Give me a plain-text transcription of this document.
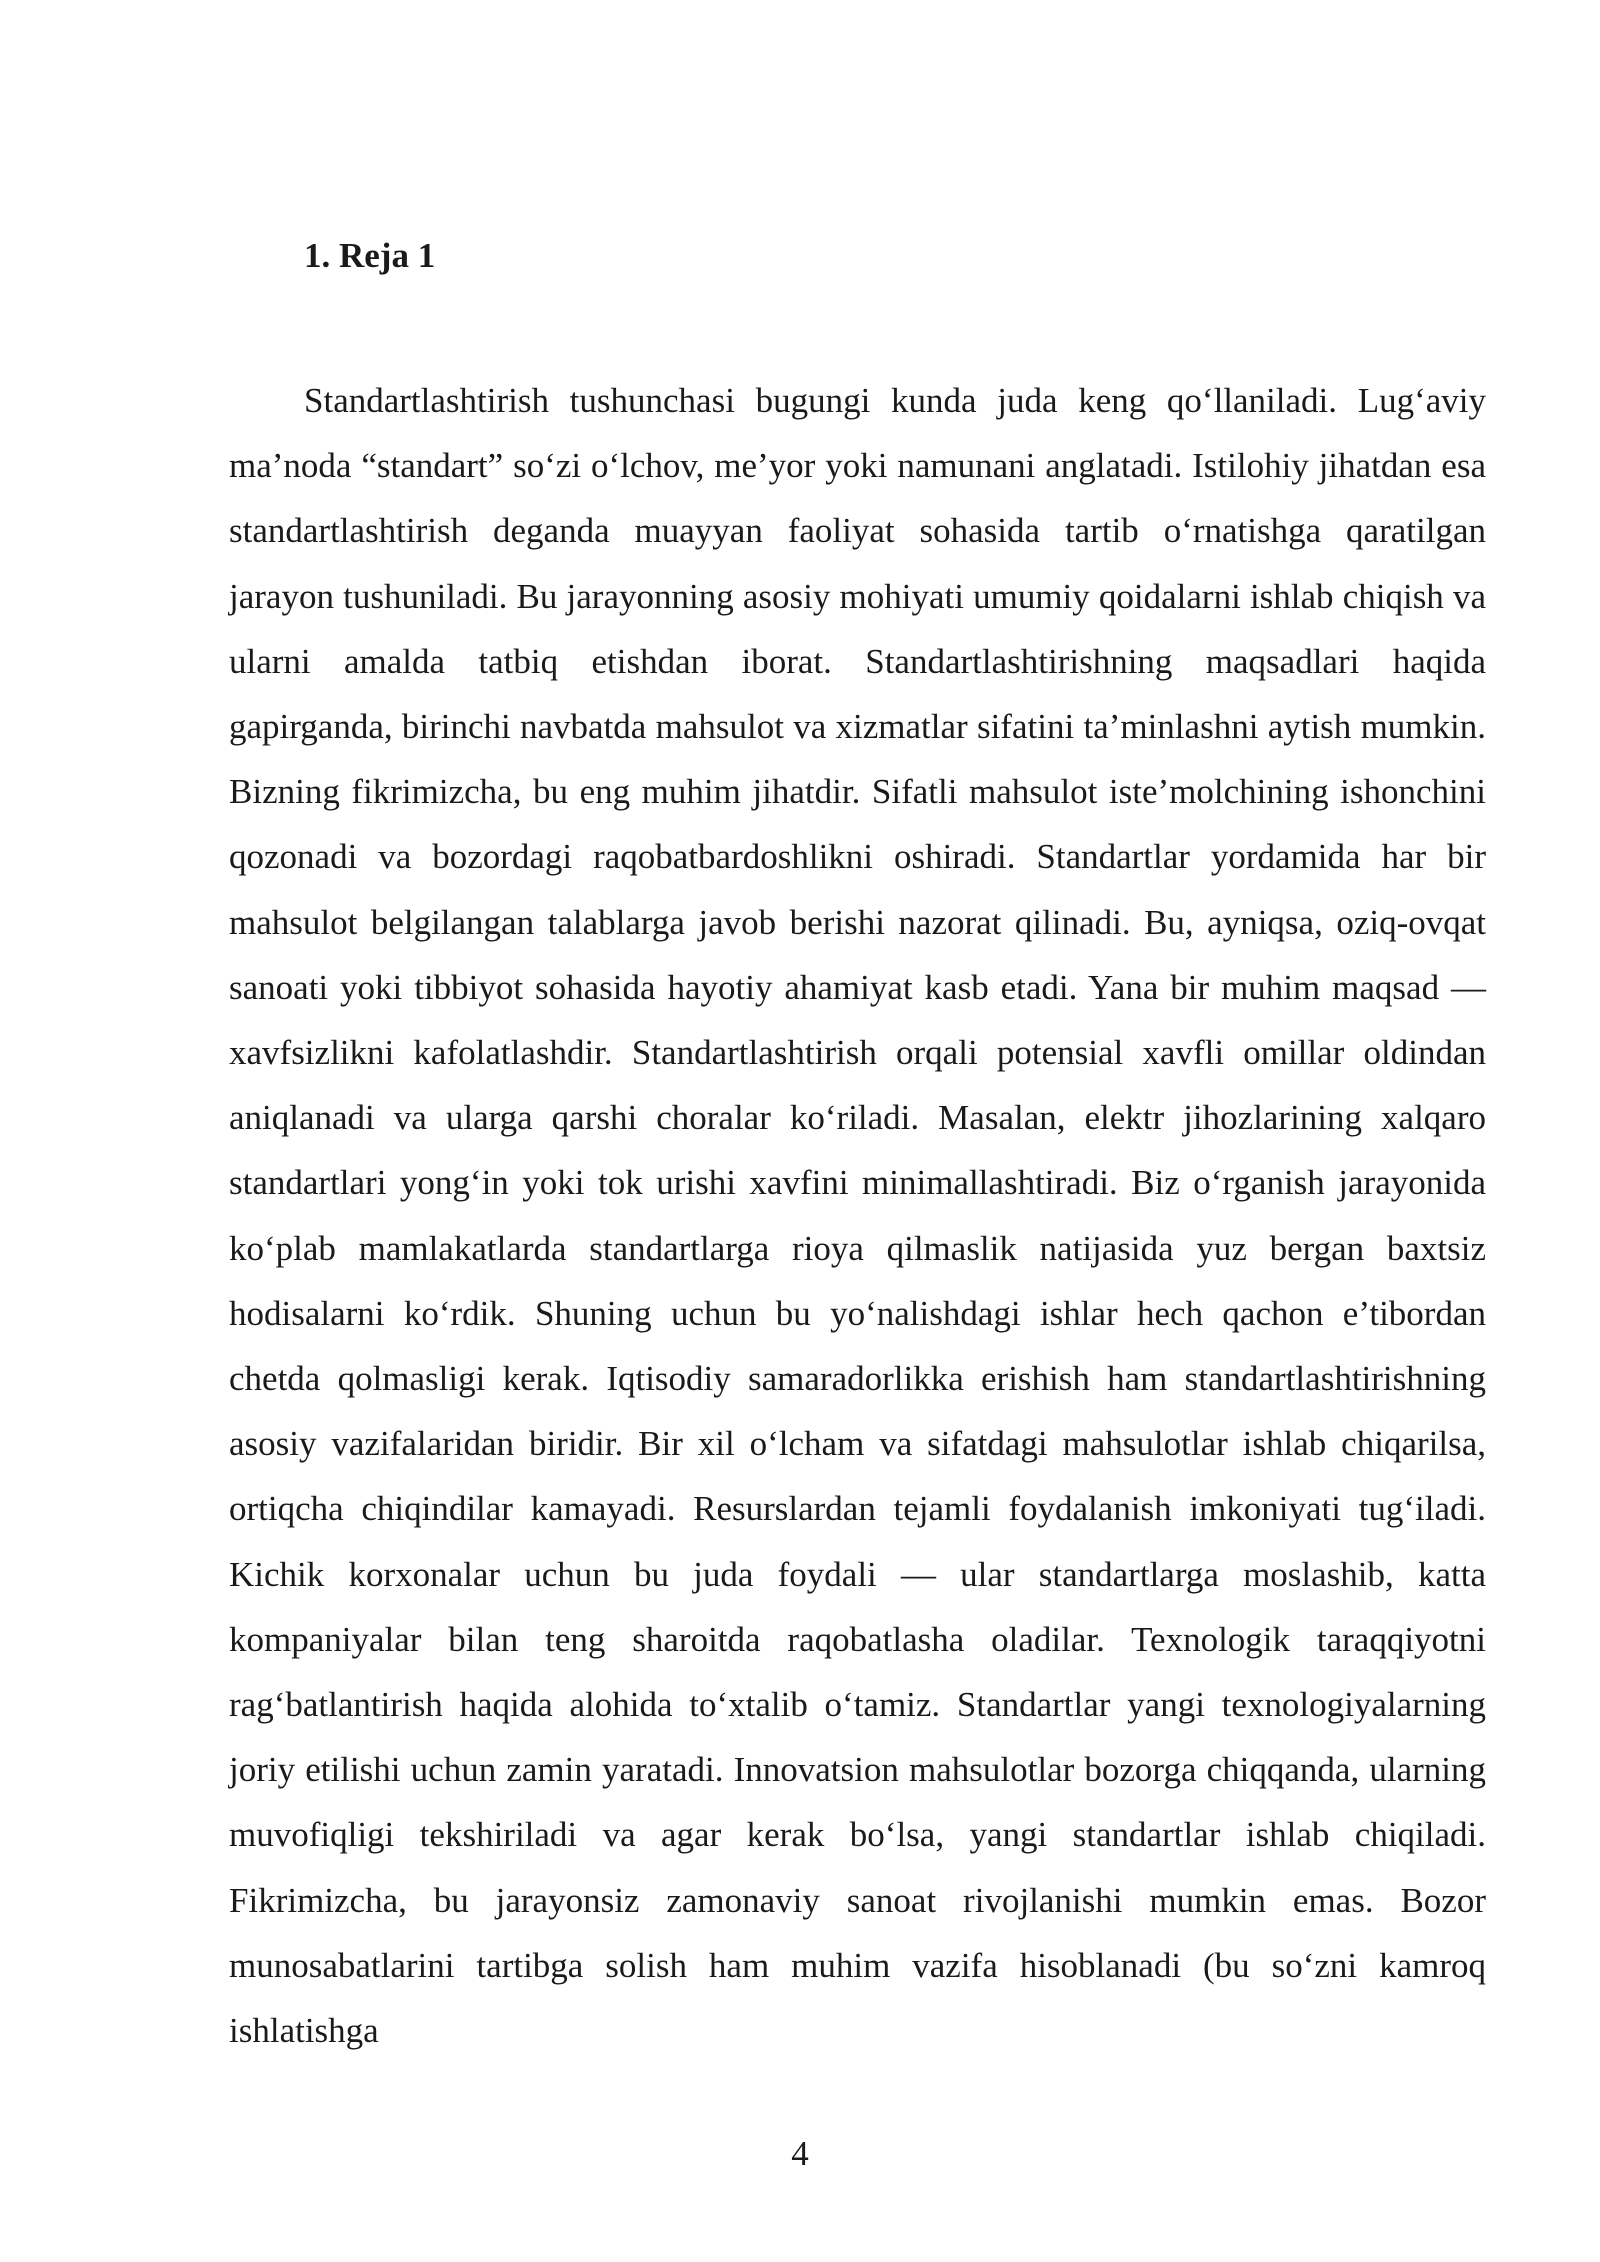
1. Reja 1

Standartlashtirish tushunchasi bugungi kunda juda keng qo‘llaniladi. Lug‘aviy ma’noda “standart” so‘zi o‘lchov, me’yor yoki namunani anglatadi. Istilohiy jihatdan esa standartlashtirish deganda muayyan faoliyat sohasida tartib o‘rnatishga qaratilgan jarayon tushuniladi. Bu jarayonning asosiy mohiyati umumiy qoidalarni ishlab chiqish va ularni amalda tatbiq etishdan iborat. Standartlashtirishning maqsadlari haqida gapirganda, birinchi navbatda mahsulot va xizmatlar sifatini ta’minlashni aytish mumkin. Bizning fikrimizcha, bu eng muhim jihatdir. Sifatli mahsulot iste’molchining ishonchini qozonadi va bozordagi raqobatbardoshlikni oshiradi. Standartlar yordamida har bir mahsulot belgilangan talablarga javob berishi nazorat qilinadi. Bu, ayniqsa, oziq-ovqat sanoati yoki tibbiyot sohasida hayotiy ahamiyat kasb etadi. Yana bir muhim maqsad — xavfsizlikni kafolatlashdir. Standartlashtirish orqali potensial xavfli omillar oldindan aniqlanadi va ularga qarshi choralar ko‘riladi. Masalan, elektr jihozlarining xalqaro standartlari yong‘in yoki tok urishi xavfini minimallashtiradi. Biz o‘rganish jarayonida ko‘plab mamlakatlarda standartlarga rioya qilmaslik natijasida yuz bergan baxtsiz hodisalarni ko‘rdik. Shuning uchun bu yo‘nalishdagi ishlar hech qachon e’tibordan chetda qolmasligi kerak. Iqtisodiy samaradorlikka erishish ham standartlashtirishning asosiy vazifalaridan biridir. Bir xil o‘lcham va sifatdagi mahsulotlar ishlab chiqarilsa, ortiqcha chiqindilar kamayadi. Resurslardan tejamli foydalanish imkoniyati tug‘iladi. Kichik korxonalar uchun bu juda foydali — ular standartlarga moslashib, katta kompaniyalar bilan teng sharoitda raqobatlasha oladilar. Texnologik taraqqiyotni rag‘batlantirish haqida alohida to‘xtalib o‘tamiz. Standartlar yangi texnologiyalarning joriy etilishi uchun zamin yaratadi. Innovatsion mahsulotlar bozorga chiqqanda, ularning muvofiqligi tekshiriladi va agar kerak bo‘lsa, yangi standartlar ishlab chiqiladi. Fikrimizcha, bu jarayonsiz zamonaviy sanoat rivojlanishi mumkin emas. Bozor munosabatlarini tartibga solish ham muhim vazifa hisoblanadi (bu so‘zni kamroq ishlatishga

4
